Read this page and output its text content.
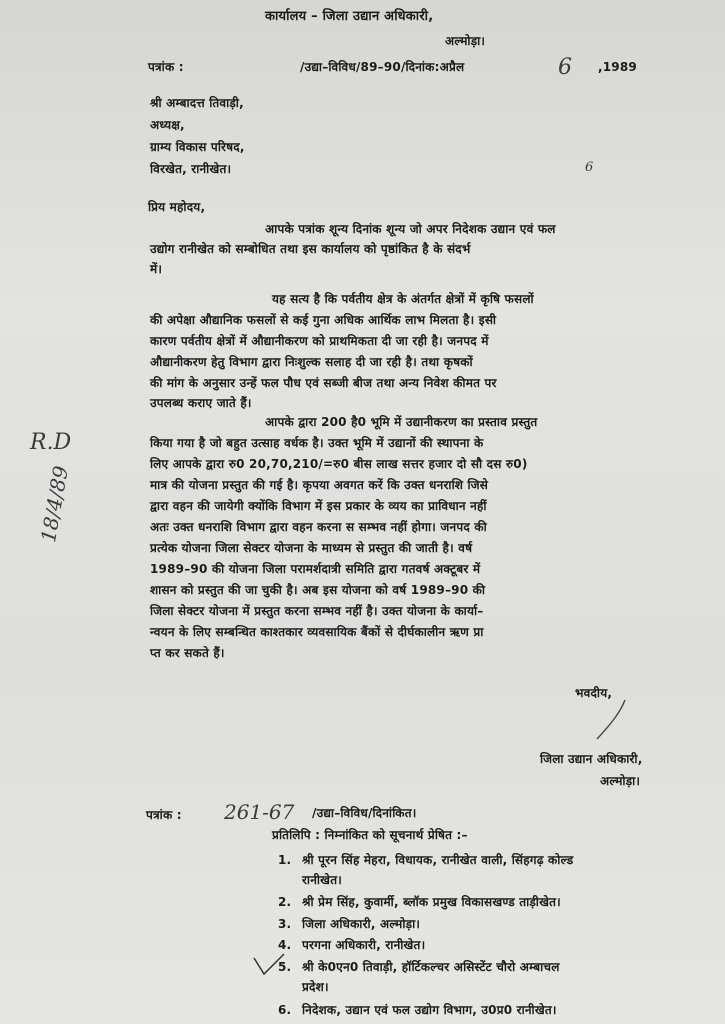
कार्यालय – जिला उद्यान अधिकारी,
अल्मोड़ा।
पत्रांक :	/उद्या–विविध/89–90/दिनांक:अप्रैल	6 ,1989
श्री अम्बादत्त तिवाड़ी,
अध्यक्ष,
ग्राम्य विकास परिषद,
विरखेत, रानीखेत।	6
प्रिय महोदय,
आपके पत्रांक शून्य दिनांक शून्य जो अपर निदेशक उद्यान एवं फल
उद्योग रानीखेत को सम्बोधित तथा इस कार्यालय को पृष्ठांकित है के संदर्भ
में।
यह सत्य है कि पर्वतीय क्षेत्र के अंतर्गत क्षेत्रों में कृषि फसलों
की अपेक्षा औद्यानिक फसलों से कई गुना अधिक आर्थिक लाभ मिलता है। इसी
कारण पर्वतीय क्षेत्रों में औद्यानीकरण को प्राथमिकता दी जा रही है। जनपद में
औद्यानीकरण हेतु विभाग द्वारा निःशुल्क सलाह दी जा रही है। तथा कृषकों
की मांग के अनुसार उन्हें फल पौध एवं सब्जी बीज तथा अन्य निवेश कीमत पर
उपलब्ध कराए जाते हैं।
आपके द्वारा 200 है0 भूमि में उद्यानीकरण का प्रस्ताव प्रस्तुत
किया गया है जो बहुत उत्साह वर्धक है। उक्त भूमि में उद्यानों की स्थापना के
लिए आपके द्वारा रु0 20,70,210/=रु0 बीस लाख सत्तर हजार दो सौ दस रु0)
मात्र की योजना प्रस्तुत की गई है। कृपया अवगत करें कि उक्त धनराशि जिसे
द्वारा वहन की जायेगी क्योंकि विभाग में इस प्रकार के व्यय का प्राविधान नहीं
अतः उक्त धनराशि विभाग द्वारा वहन करना स सम्भव नहीं होगा। जनपद की
प्रत्येक योजना जिला सेक्टर योजना के माध्यम से प्रस्तुत की जाती है। वर्ष
1989–90 की योजना जिला परामर्शदात्री समिति द्वारा गतवर्ष अक्टूबर में
शासन को प्रस्तुत की जा चुकी है। अब इस योजना को वर्ष 1989–90 की
जिला सेक्टर योजना में प्रस्तुत करना सम्भव नहीं है। उक्त योजना के कार्या–
न्वयन के लिए सम्बन्धित काश्तकार व्यवसायिक बैंकों से दीर्घकालीन ऋण प्रा
प्त कर सकते हैं।
R.D
18/4/89
भवदीय,
जिला उद्यान अधिकारी,
अल्मोड़ा।
पत्रांक : 261-67 /उद्या–विविध/दिनांकित।
प्रतिलिपि : निम्नांकित को सूचनार्थ प्रेषित :–
1. श्री पूरन सिंह मेहरा, विधायक, रानीखेत वाली, सिंहगढ़ कोल्ड
रानीखेत।
2. श्री प्रेम सिंह, कुवार्मी, ब्लॉक प्रमुख विकासखण्ड ताड़ीखेत।
3. जिला अधिकारी, अल्मोड़ा।
4. परगना अधिकारी, रानीखेत।
5. श्री के0एन0 तिवाड़ी, हॉर्टिकल्चर असिस्टेंट चौरो अम्बाचल
प्रदेश।
6. निदेशक, उद्यान एवं फल उद्योग विभाग, उ0प्र0 रानीखेत।
